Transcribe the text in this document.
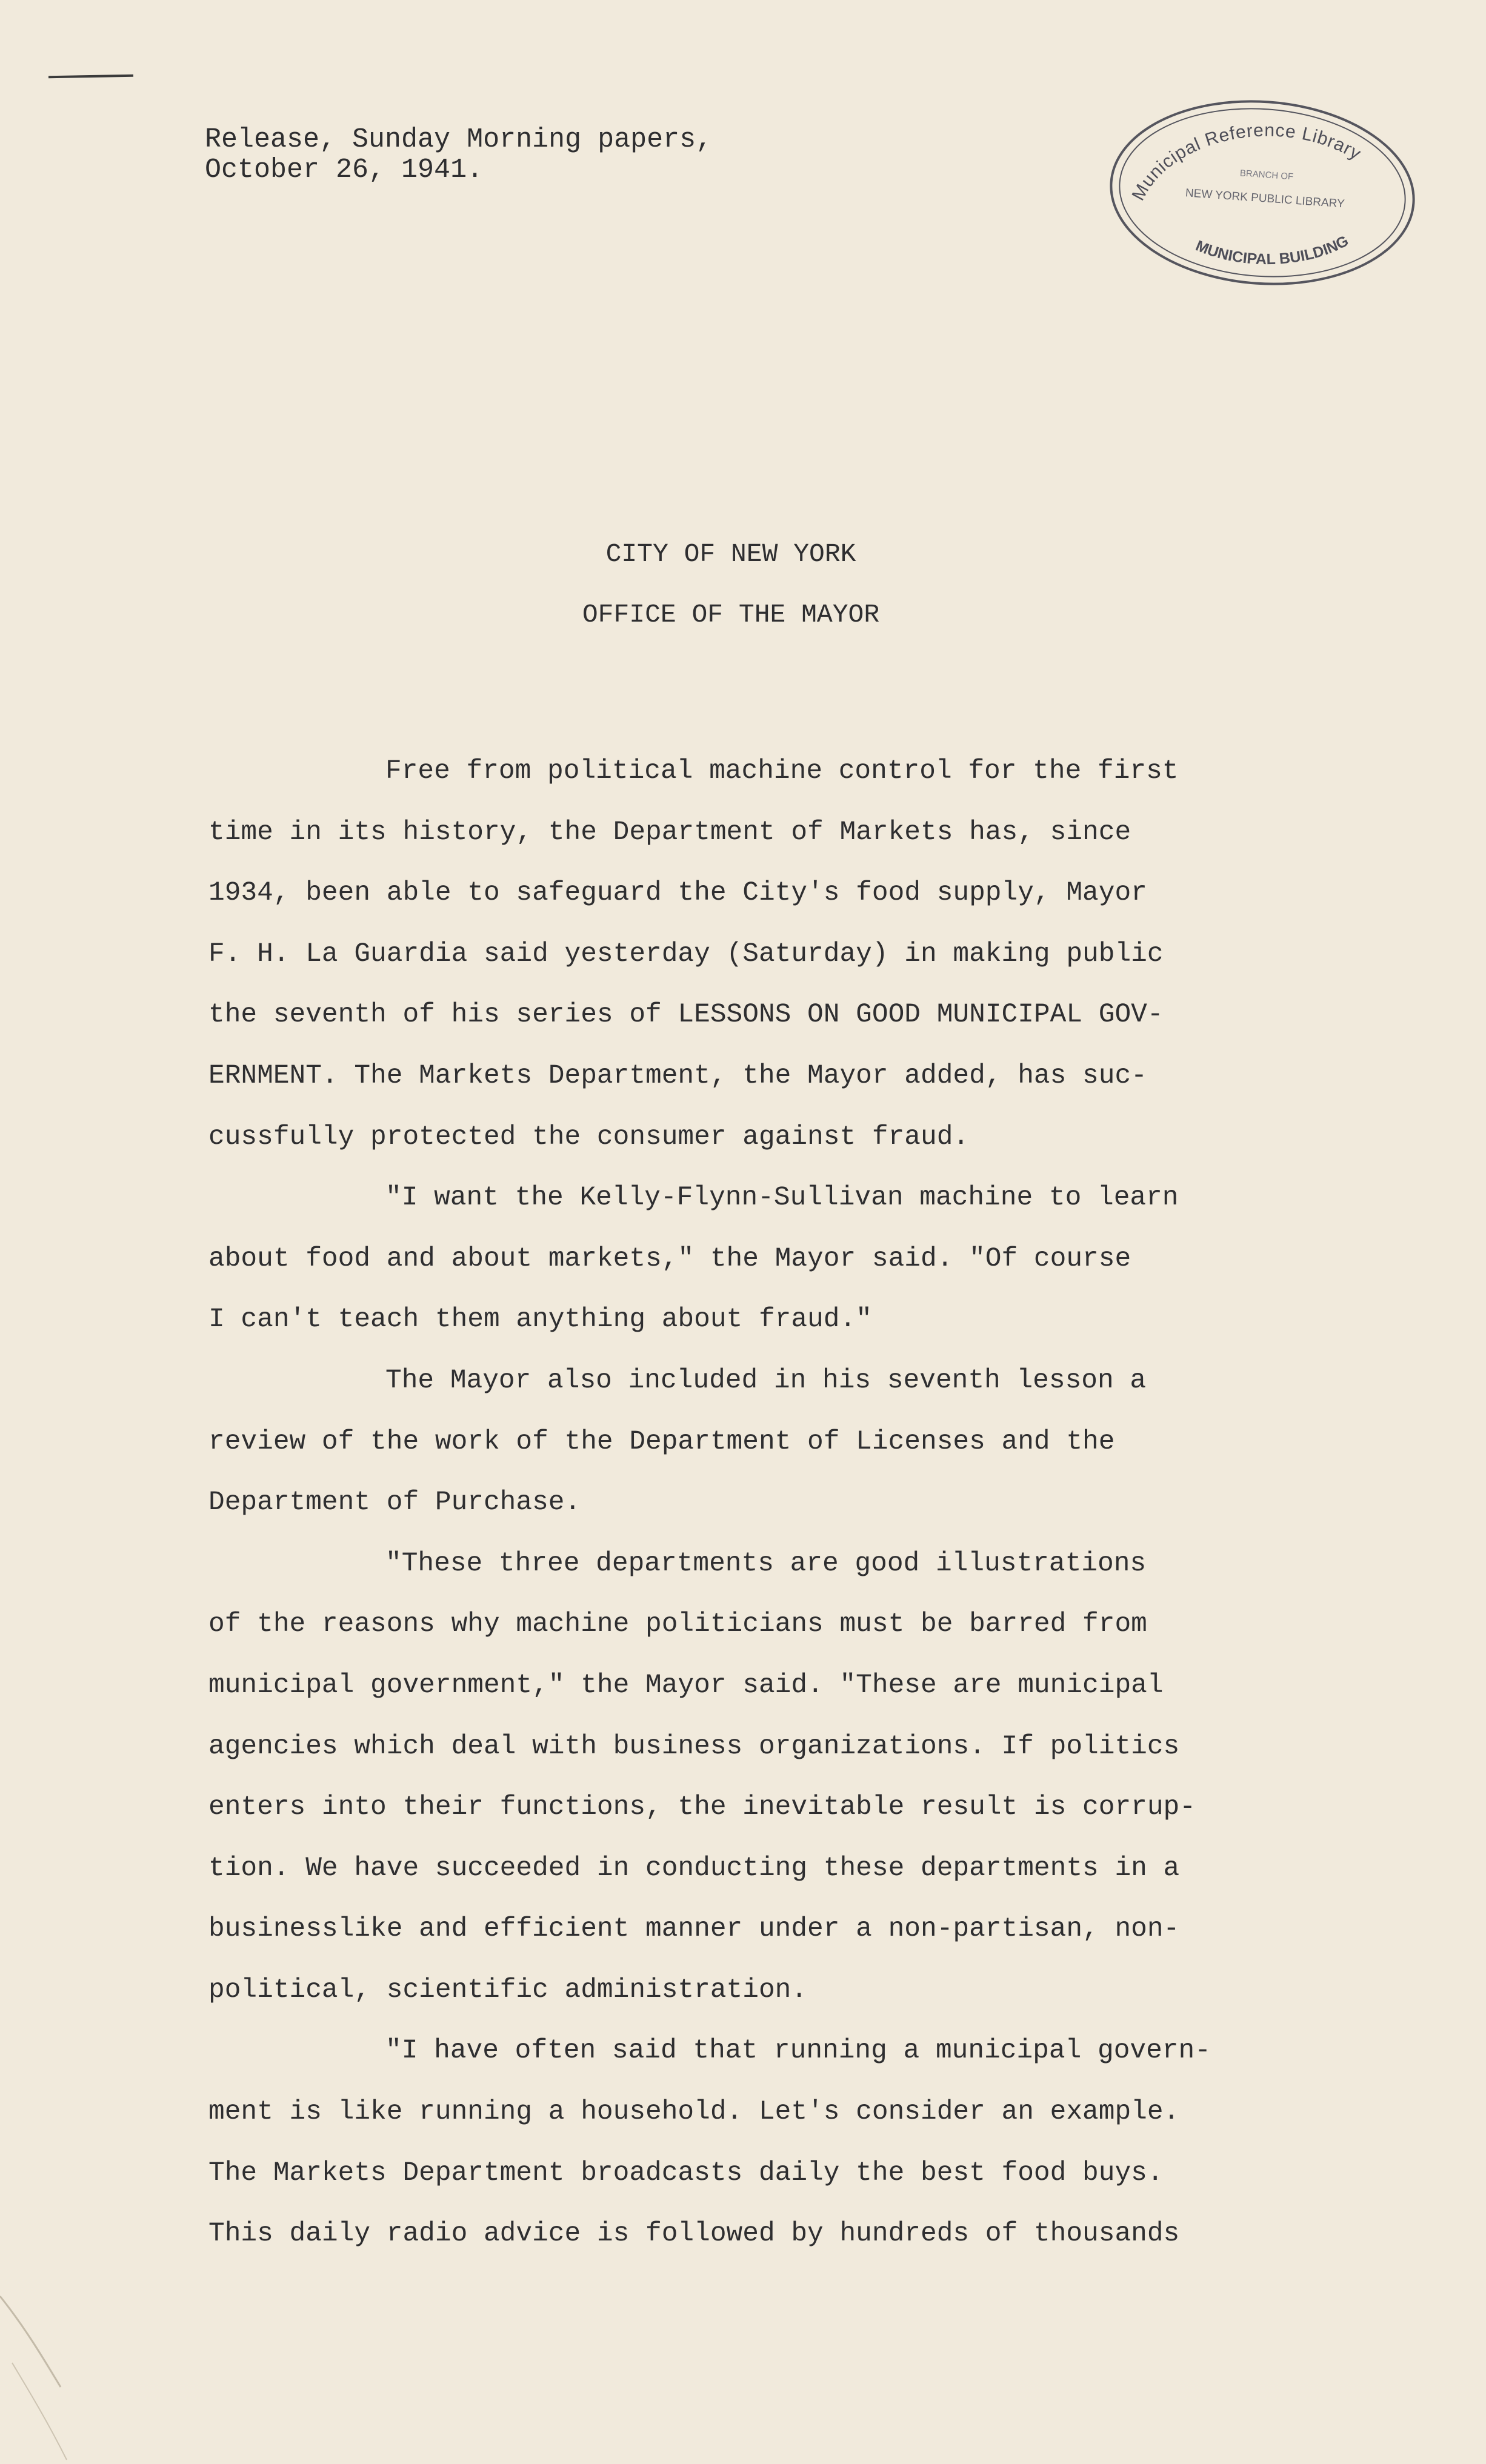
Release, Sunday Morning papers,
October 26, 1941.
Municipal Reference Library
BRANCH OF
NEW YORK PUBLIC LIBRARY
MUNICIPAL BUILDING
CITY OF NEW YORK
OFFICE OF THE MAYOR
Free from political machine control for the first
time in its history, the Department of Markets has, since
1934, been able to safeguard the City's food supply, Mayor
F. H. La Guardia said yesterday (Saturday) in making public
the seventh of his series of LESSONS ON GOOD MUNICIPAL GOV-
ERNMENT. The Markets Department, the Mayor added, has suc-
cussfully protected the consumer against fraud.
"I want the Kelly-Flynn-Sullivan machine to learn
about food and about markets," the Mayor said. "Of course
I can't teach them anything about fraud."
The Mayor also included in his seventh lesson a
review of the work of the Department of Licenses and the
Department of Purchase.
"These three departments are good illustrations
of the reasons why machine politicians must be barred from
municipal government," the Mayor said. "These are municipal
agencies which deal with business organizations. If politics
enters into their functions, the inevitable result is corrup-
tion. We have succeeded in conducting these departments in a
businesslike and efficient manner under a non-partisan, non-
political, scientific administration.
"I have often said that running a municipal govern-
ment is like running a household. Let's consider an example.
The Markets Department broadcasts daily the best food buys.
This daily radio advice is followed by hundreds of thousands
